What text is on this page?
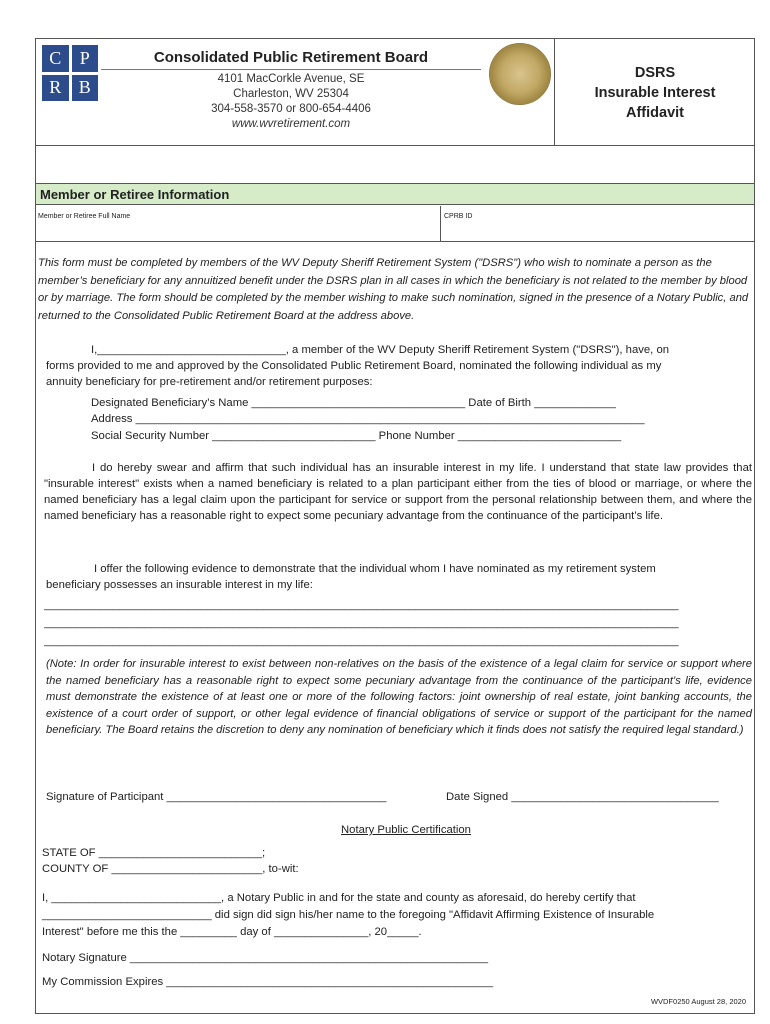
C	P
R B
Consolidated Public Retirement Board
4101 MacCorkle Avenue, SE
Charleston, WV 25304
304-558-3570 or 800-654-4406
www.wvretirement.com
DSRS
Insurable Interest
Affidavit
Member or Retiree Information
Member or Retiree Full Name	CPRB ID
This form must be completed by members of the WV Deputy Sheriff Retirement System ("DSRS") who wish to nominate a person as the member’s beneficiary for any annuitized benefit under the DSRS plan in all cases in which the beneficiary is not related to the member by blood or by marriage. The form should be completed by the member wishing to make such nomination, signed in the presence of a Notary Public, and returned to the Consolidated Public Retirement Board at the address above.
I,______________________________, a member of the WV Deputy Sheriff Retirement System ("DSRS"), have, on
forms provided to me and approved by the Consolidated Public Retirement Board, nominated the following individual as my
annuity beneficiary for pre-retirement and/or retirement purposes:
Designated Beneficiary’s Name __________________________________ Date of Birth _____________
Address _________________________________________________________________________________
Social Security Number __________________________ Phone Number __________________________
I do hereby swear and affirm that such individual has an insurable interest in my life. I understand that state law provides that "insurable interest" exists when a named beneficiary is related to a plan participant either from the ties of blood or marriage, or where the named beneficiary has a legal claim upon the participant for service or support from the personal relationship between them, and where the named beneficiary has a reasonable right to expect some pecuniary advantage from the continuance of the participant’s life.
I offer the following evidence to demonstrate that the individual whom I have nominated as my retirement system
beneficiary possesses an insurable interest in my life:
_____________________________________________________________________________________________________
_____________________________________________________________________________________________________
_____________________________________________________________________________________________________
(Note: In order for insurable interest to exist between non-relatives on the basis of the existence of a legal claim for service or support where the named beneficiary has a reasonable right to expect some pecuniary advantage from the continuance of the participant’s life, evidence must demonstrate the existence of at least one or more of the following factors: joint ownership of real estate, joint banking accounts, the existence of a court order of support, or other legal evidence of financial obligations of service or support of the participant for the named beneficiary. The Board retains the discretion to deny any nomination of beneficiary which it finds does not satisfy the required legal standard.)
Signature of Participant ___________________________________	Date Signed _________________________________
Notary Public Certification
STATE OF __________________________;
COUNTY OF ________________________, to-wit:
I, ___________________________, a Notary Public in and for the state and county as aforesaid, do hereby certify that
___________________________ did sign did sign his/her name to the foregoing "Affidavit Affirming Existence of Insurable
Interest" before me this the _________ day of _______________, 20_____.
Notary Signature _________________________________________________________
My Commission Expires ____________________________________________________
WVDF0250 August 28, 2020
